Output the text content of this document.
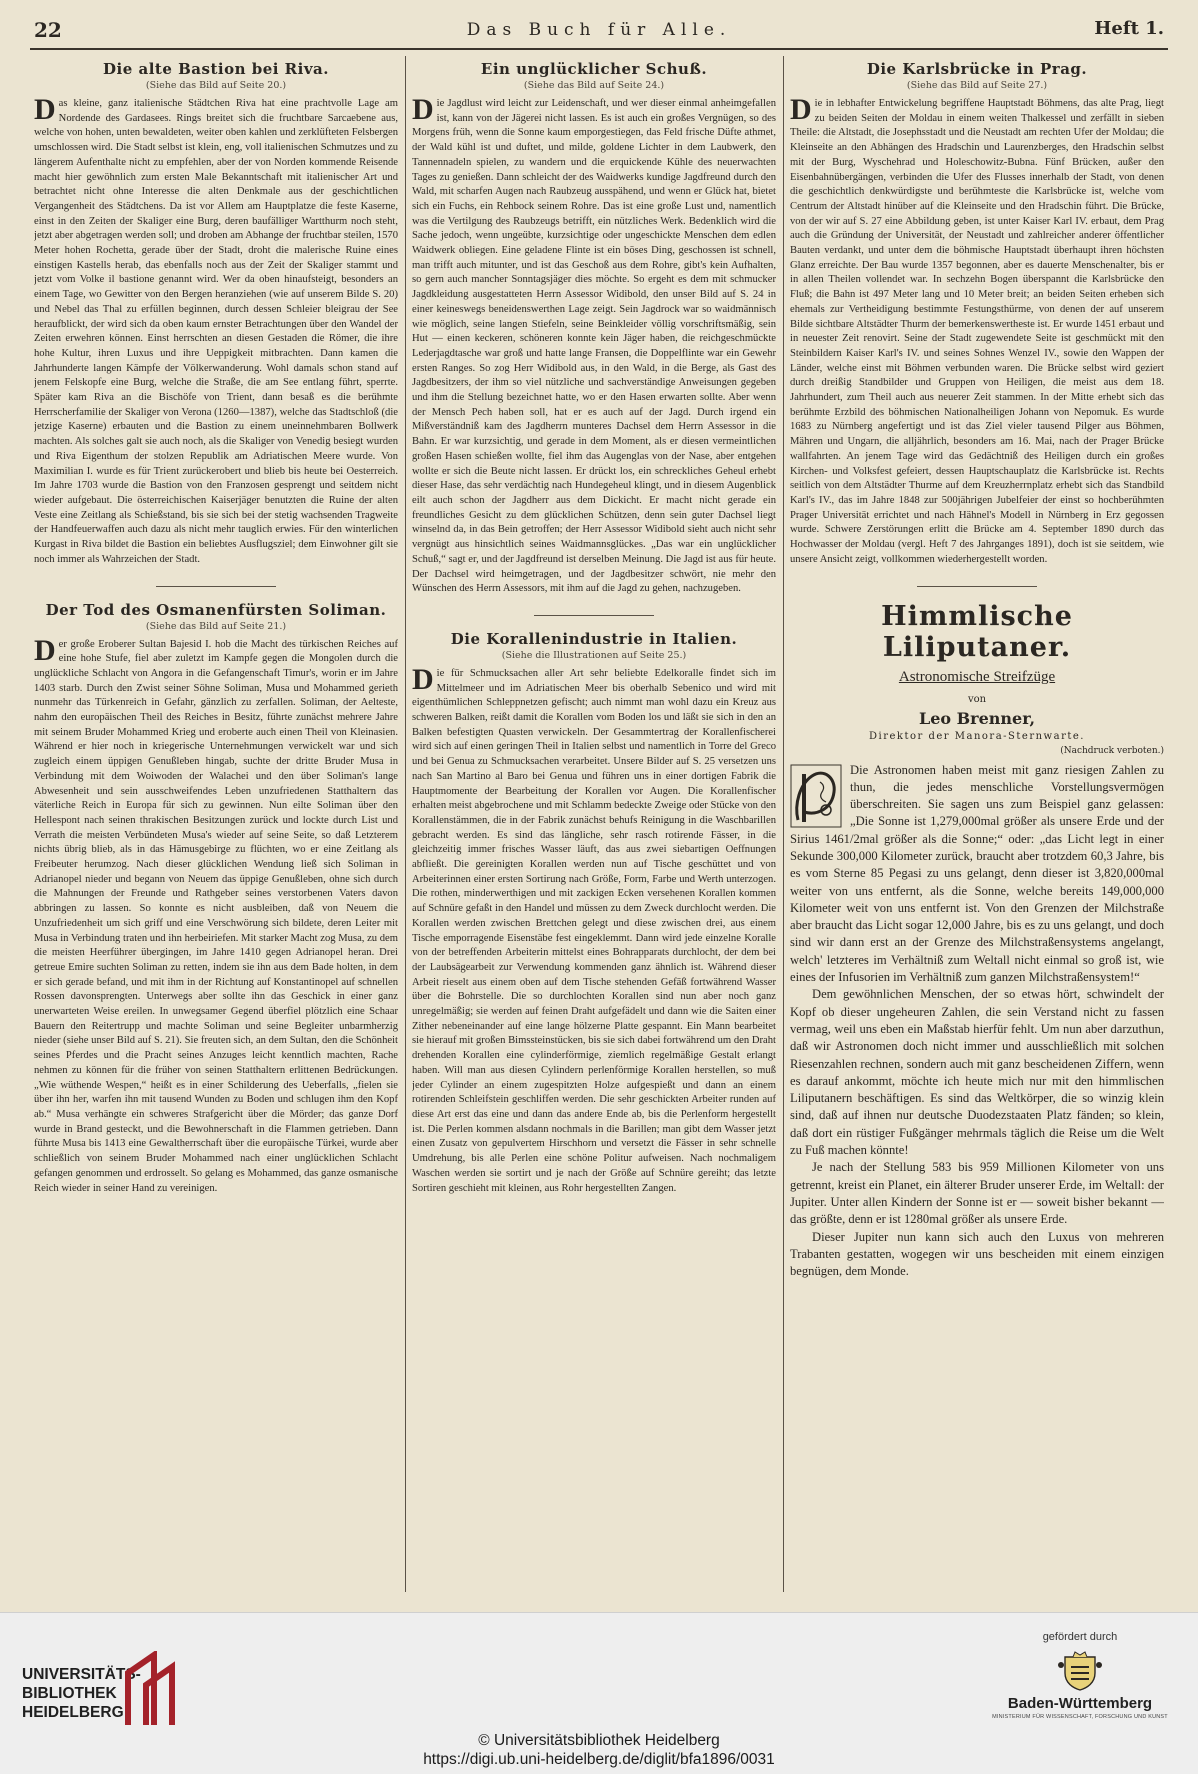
22	Das Buch für Alle.	Heft 1.
Die alte Bastion bei Riva.
(Siehe das Bild auf Seite 20.)
Das kleine, ganz italienische Städtchen Riva hat eine prachtvolle Lage am Nordende des Gardasees. Rings breitet sich die fruchtbare Sarcaebene aus, welche von hohen, unten bewaldeten, weiter oben kahlen und zerklüfteten Felsbergen umschlossen wird. Die Stadt selbst ist klein, eng, voll italienischen Schmutzes und zu längerem Aufenthalte nicht zu empfehlen, aber der von Norden kommende Reisende macht hier gewöhnlich zum ersten Male Bekanntschaft mit italienischer Art und betrachtet nicht ohne Interesse die alten Denkmale aus der geschichtlichen Vergangenheit des Städtchens. Da ist vor Allem am Hauptplatze die feste Kaserne, einst in den Zeiten der Skaliger eine Burg, deren baufälliger Wartthurm noch steht, jetzt aber abgetragen werden soll; und droben am Abhange der fruchtbar steilen, 1570 Meter hohen Rochetta, gerade über der Stadt, droht die malerische Ruine eines einstigen Kastells herab, das ebenfalls noch aus der Zeit der Skaliger stammt und jetzt vom Volke il bastione genannt wird. Wer da oben hinaufsteigt, besonders an einem Tage, wo Gewitter von den Bergen heranziehen (wie auf unserem Bilde S. 20) und Nebel das Thal zu erfüllen beginnen, durch dessen Schleier bleigrau der See heraufblickt, der wird sich da oben kaum ernster Betrachtungen über den Wandel der Zeiten erwehren können. Einst herrschten an diesen Gestaden die Römer, die ihre hohe Kultur, ihren Luxus und ihre Ueppigkeit mitbrachten. Dann kamen die Jahrhunderte langen Kämpfe der Völkerwanderung. Wohl damals schon stand auf jenem Felskopfe eine Burg, welche die Straße, die am See entlang führt, sperrte. Später kam Riva an die Bischöfe von Trient, dann besaß es die berühmte Herrscherfamilie der Skaliger von Verona (1260—1387), welche das Stadtschloß (die jetzige Kaserne) erbauten und die Bastion zu einem uneinnehmbaren Bollwerk machten. Als solches galt sie auch noch, als die Skaliger von Venedig besiegt wurden und Riva Eigenthum der stolzen Republik am Adriatischen Meere wurde. Von Maximilian I. wurde es für Trient zurückerobert und blieb bis heute bei Oesterreich. Im Jahre 1703 wurde die Bastion von den Franzosen gesprengt und seitdem nicht wieder aufgebaut. Die österreichischen Kaiserjäger benutzten die Ruine der alten Veste eine Zeitlang als Schießstand, bis sie sich bei der stetig wachsenden Tragweite der Handfeuerwaffen auch dazu als nicht mehr tauglich erwies. Für den winterlichen Kurgast in Riva bildet die Bastion ein beliebtes Ausflugsziel; dem Einwohner gilt sie noch immer als Wahrzeichen der Stadt.
Der Tod des Osmanenfürsten Soliman.
(Siehe das Bild auf Seite 21.)
Der große Eroberer Sultan Bajesid I. hob die Macht des türkischen Reiches auf eine hohe Stufe, fiel aber zuletzt im Kampfe gegen die Mongolen durch die unglückliche Schlacht von Angora in die Gefangenschaft Timur's, worin er im Jahre 1403 starb. Durch den Zwist seiner Söhne Soliman, Musa und Mohammed gerieth nunmehr das Türkenreich in Gefahr, gänzlich zu zerfallen. Soliman, der Aelteste, nahm den europäischen Theil des Reiches in Besitz, führte zunächst mehrere Jahre mit seinem Bruder Mohammed Krieg und eroberte auch einen Theil von Kleinasien. Während er hier noch in kriegerische Unternehmungen verwickelt war und sich zugleich einem üppigen Genußleben hingab, suchte der dritte Bruder Musa in Verbindung mit dem Woiwoden der Walachei und den über Soliman's lange Abwesenheit und sein ausschweifendes Leben unzufriedenen Statthaltern das väterliche Reich in Europa für sich zu gewinnen. Nun eilte Soliman über den Hellespont nach seinen thrakischen Besitzungen zurück und lockte durch List und Verrath die meisten Verbündeten Musa's wieder auf seine Seite, so daß Letzterem nichts übrig blieb, als in das Hämusgebirge zu flüchten, wo er eine Zeitlang als Freibeuter herumzog. Nach dieser glücklichen Wendung ließ sich Soliman in Adrianopel nieder und begann von Neuem das üppige Genußleben, ohne sich durch die Mahnungen der Freunde und Rathgeber seines verstorbenen Vaters davon abbringen zu lassen. So konnte es nicht ausbleiben, daß von Neuem die Unzufriedenheit um sich griff und eine Verschwörung sich bildete, deren Leiter mit Musa in Verbindung traten und ihn herbeiriefen. Mit starker Macht zog Musa, zu dem die meisten Heerführer übergingen, im Jahre 1410 gegen Adrianopel heran. Drei getreue Emire suchten Soliman zu retten, indem sie ihn aus dem Bade holten, in dem er sich gerade befand, und mit ihm in der Richtung auf Konstantinopel auf schnellen Rossen davonsprengten. Unterwegs aber sollte ihn das Geschick in einer ganz unerwarteten Weise ereilen. In unwegsamer Gegend überfiel plötzlich eine Schaar Bauern den Reitertrupp und machte Soliman und seine Begleiter unbarmherzig nieder (siehe unser Bild auf S. 21). Sie freuten sich, an dem Sultan, den die Schönheit seines Pferdes und die Pracht seines Anzuges leicht kenntlich machten, Rache nehmen zu können für die früher von seinen Statthaltern erlittenen Bedrückungen. „Wie wüthende Wespen,“ heißt es in einer Schilderung des Ueberfalls, „fielen sie über ihn her, warfen ihn mit tausend Wunden zu Boden und schlugen ihm den Kopf ab.“ Musa verhängte ein schweres Strafgericht über die Mörder; das ganze Dorf wurde in Brand gesteckt, und die Bewohnerschaft in die Flammen getrieben. Dann führte Musa bis 1413 eine Gewaltherrschaft über die europäische Türkei, wurde aber schließlich von seinem Bruder Mohammed nach einer unglücklichen Schlacht gefangen genommen und erdrosselt. So gelang es Mohammed, das ganze osmanische Reich wieder in seiner Hand zu vereinigen.
Ein unglücklicher Schuß.
(Siehe das Bild auf Seite 24.)
Die Jagdlust wird leicht zur Leidenschaft, und wer dieser einmal anheimgefallen ist, kann von der Jägerei nicht lassen. Es ist auch ein großes Vergnügen, so des Morgens früh, wenn die Sonne kaum emporgestiegen, das Feld frische Düfte athmet, der Wald kühl ist und duftet, und milde, goldene Lichter in dem Laubwerk, den Tannennadeln spielen, zu wandern und die erquickende Kühle des neuerwachten Tages zu genießen. Dann schleicht der des Waidwerks kundige Jagdfreund durch den Wald, mit scharfen Augen nach Raubzeug ausspähend, und wenn er Glück hat, bietet sich ein Fuchs, ein Rehbock seinem Rohre. Das ist eine große Lust und, namentlich was die Vertilgung des Raubzeugs betrifft, ein nützliches Werk. Bedenklich wird die Sache jedoch, wenn ungeübte, kurzsichtige oder ungeschickte Menschen dem edlen Waidwerk obliegen. Eine geladene Flinte ist ein böses Ding, geschossen ist schnell, man trifft auch mitunter, und ist das Geschoß aus dem Rohre, gibt's kein Aufhalten, so gern auch mancher Sonntagsjäger dies möchte. So ergeht es dem mit schmucker Jagdkleidung ausgestatteten Herrn Assessor Widibold, den unser Bild auf S. 24 in einer keineswegs beneidenswerthen Lage zeigt. Sein Jagdrock war so waidmännisch wie möglich, seine langen Stiefeln, seine Beinkleider völlig vorschriftsmäßig, sein Hut — einen keckeren, schöneren konnte kein Jäger haben, die reichgeschmückte Lederjagdtasche war groß und hatte lange Fransen, die Doppelflinte war ein Gewehr ersten Ranges. So zog Herr Widibold aus, in den Wald, in die Berge, als Gast des Jagdbesitzers, der ihm so viel nützliche und sachverständige Anweisungen gegeben und ihm die Stellung bezeichnet hatte, wo er den Hasen erwarten sollte. Aber wenn der Mensch Pech haben soll, hat er es auch auf der Jagd. Durch irgend ein Mißverständniß kam des Jagdherrn munteres Dachsel dem Herrn Assessor in die Bahn. Er war kurzsichtig, und gerade in dem Moment, als er diesen vermeintlichen großen Hasen schießen wollte, fiel ihm das Augenglas von der Nase, aber entgehen wollte er sich die Beute nicht lassen. Er drückt los, ein schreckliches Geheul erhebt dieser Hase, das sehr verdächtig nach Hundegeheul klingt, und in diesem Augenblick eilt auch schon der Jagdherr aus dem Dickicht. Er macht nicht gerade ein freundliches Gesicht zu dem glücklichen Schützen, denn sein guter Dachsel liegt winselnd da, in das Bein getroffen; der Herr Assessor Widibold sieht auch nicht sehr vergnügt aus hinsichtlich seines Waidmannsglückes. „Das war ein unglücklicher Schuß,“ sagt er, und der Jagdfreund ist derselben Meinung. Die Jagd ist aus für heute. Der Dachsel wird heimgetragen, und der Jagdbesitzer schwört, nie mehr den Wünschen des Herrn Assessors, mit ihm auf die Jagd zu gehen, nachzugeben.
Die Korallenindustrie in Italien.
(Siehe die Illustrationen auf Seite 25.)
Die für Schmucksachen aller Art sehr beliebte Edelkoralle findet sich im Mittelmeer und im Adriatischen Meer bis oberhalb Sebenico und wird mit eigenthümlichen Schleppnetzen gefischt; auch nimmt man wohl dazu ein Kreuz aus schweren Balken, reißt damit die Korallen vom Boden los und läßt sie sich in den an Balken befestigten Quasten verwickeln. Der Gesammtertrag der Korallenfischerei wird sich auf einen geringen Theil in Italien selbst und namentlich in Torre del Greco und bei Genua zu Schmucksachen verarbeitet. Unsere Bilder auf S. 25 versetzen uns nach San Martino al Baro bei Genua und führen uns in einer dortigen Fabrik die Hauptmomente der Bearbeitung der Korallen vor Augen. Die Korallenfischer erhalten meist abgebrochene und mit Schlamm bedeckte Zweige oder Stücke von den Korallenstämmen, die in der Fabrik zunächst behufs Reinigung in die Waschbarillen gebracht werden. Es sind das längliche, sehr rasch rotirende Fässer, in die gleichzeitig immer frisches Wasser läuft, das aus zwei siebartigen Oeffnungen abfließt. Die gereinigten Korallen werden nun auf Tische geschüttet und von Arbeiterinnen einer ersten Sortirung nach Größe, Form, Farbe und Werth unterzogen. Die rothen, minderwerthigen und mit zackigen Ecken versehenen Korallen kommen auf Schnüre gefaßt in den Handel und müssen zu dem Zweck durchlocht werden. Die Korallen werden zwischen Brettchen gelegt und diese zwischen drei, aus einem Tische emporragende Eisenstäbe fest eingeklemmt. Dann wird jede einzelne Koralle von der betreffenden Arbeiterin mittelst eines Bohrapparats durchlocht, der dem bei der Laubsägearbeit zur Verwendung kommenden ganz ähnlich ist. Während dieser Arbeit rieselt aus einem oben auf dem Tische stehenden Gefäß fortwährend Wasser über die Bohrstelle. Die so durchlochten Korallen sind nun aber noch ganz unregelmäßig; sie werden auf feinen Draht aufgefädelt und dann wie die Saiten einer Zither nebeneinander auf eine lange hölzerne Platte gespannt. Ein Mann bearbeitet sie hierauf mit großen Bimssteinstücken, bis sie sich dabei fortwährend um den Draht drehenden Korallen eine cylinderförmige, ziemlich regelmäßige Gestalt erlangt haben. Will man aus diesen Cylindern perlenförmige Korallen herstellen, so muß jeder Cylinder an einem zugespitzten Holze aufgespießt und dann an einem rotirenden Schleifstein geschliffen werden. Die sehr geschickten Arbeiter runden auf diese Art erst das eine und dann das andere Ende ab, bis die Perlenform hergestellt ist. Die Perlen kommen alsdann nochmals in die Barillen; man gibt dem Wasser jetzt einen Zusatz von gepulvertem Hirschhorn und versetzt die Fässer in sehr schnelle Umdrehung, bis alle Perlen eine schöne Politur aufweisen. Nach nochmaligem Waschen werden sie sortirt und je nach der Größe auf Schnüre gereiht; das letzte Sortiren geschieht mit kleinen, aus Rohr hergestellten Zangen.
Die Karlsbrücke in Prag.
(Siehe das Bild auf Seite 27.)
Die in lebhafter Entwickelung begriffene Hauptstadt Böhmens, das alte Prag, liegt zu beiden Seiten der Moldau in einem weiten Thalkessel und zerfällt in sieben Theile: die Altstadt, die Josephsstadt und die Neustadt am rechten Ufer der Moldau; die Kleinseite an den Abhängen des Hradschin und Laurenzberges, den Hradschin selbst mit der Burg, Wyschehrad und Holeschowitz-Bubna. Fünf Brücken, außer den Eisenbahnübergängen, verbinden die Ufer des Flusses innerhalb der Stadt, von denen die geschichtlich denkwürdigste und berühmteste die Karlsbrücke ist, welche vom Centrum der Altstadt hinüber auf die Kleinseite und den Hradschin führt. Die Brücke, von der wir auf S. 27 eine Abbildung geben, ist unter Kaiser Karl IV. erbaut, dem Prag auch die Gründung der Universität, der Neustadt und zahlreicher anderer öffentlicher Bauten verdankt, und unter dem die böhmische Hauptstadt überhaupt ihren höchsten Glanz erreichte. Der Bau wurde 1357 begonnen, aber es dauerte Menschenalter, bis er in allen Theilen vollendet war. In sechzehn Bogen überspannt die Karlsbrücke den Fluß; die Bahn ist 497 Meter lang und 10 Meter breit; an beiden Seiten erheben sich ehemals zur Vertheidigung bestimmte Festungsthürme, von denen der auf unserem Bilde sichtbare Altstädter Thurm der bemerkenswertheste ist. Er wurde 1451 erbaut und in neuester Zeit renovirt. Seine der Stadt zugewendete Seite ist geschmückt mit den Steinbildern Kaiser Karl's IV. und seines Sohnes Wenzel IV., sowie den Wappen der Länder, welche einst mit Böhmen verbunden waren. Die Brücke selbst wird geziert durch dreißig Standbilder und Gruppen von Heiligen, die meist aus dem 18. Jahrhundert, zum Theil auch aus neuerer Zeit stammen. In der Mitte erhebt sich das berühmte Erzbild des böhmischen Nationalheiligen Johann von Nepomuk. Es wurde 1683 zu Nürnberg angefertigt und ist das Ziel vieler tausend Pilger aus Böhmen, Mähren und Ungarn, die alljährlich, besonders am 16. Mai, nach der Prager Brücke wallfahrten. An jenem Tage wird das Gedächtniß des Heiligen durch ein großes Kirchen- und Volksfest gefeiert, dessen Hauptschauplatz die Karlsbrücke ist. Rechts seitlich von dem Altstädter Thurme auf dem Kreuzherrnplatz erhebt sich das Standbild Karl's IV., das im Jahre 1848 zur 500jährigen Jubelfeier der einst so hochberühmten Prager Universität errichtet und nach Hähnel's Modell in Nürnberg in Erz gegossen wurde. Schwere Zerstörungen erlitt die Brücke am 4. September 1890 durch das Hochwasser der Moldau (vergl. Heft 7 des Jahrganges 1891), doch ist sie seitdem, wie unsere Ansicht zeigt, vollkommen wiederhergestellt worden.
Himmlische Liliputaner.
Astronomische Streifzüge
von
Leo Brenner,
Direktor der Manora-Sternwarte.
(Nachdruck verboten.)

Die Astronomen haben meist mit ganz riesigen Zahlen zu thun, die jedes menschliche Vorstellungsvermögen überschreiten. Sie sagen uns zum Beispiel ganz gelassen: „Die Sonne ist 1,279,000mal größer als unsere Erde und der Sirius 1461/2mal größer als die Sonne;“ oder: „das Licht legt in einer Sekunde 300,000 Kilometer zurück, braucht aber trotzdem 60,3 Jahre, bis es vom Sterne 85 Pegasi zu uns gelangt, denn dieser ist 3,820,000mal weiter von uns entfernt, als die Sonne, welche bereits 149,000,000 Kilometer weit von uns entfernt ist. Von den Grenzen der Milchstraße aber braucht das Licht sogar 12,000 Jahre, bis es zu uns gelangt, und doch sind wir dann erst an der Grenze des Milchstraßensystems angelangt, welch' letzteres im Verhältniß zum Weltall nicht einmal so groß ist, wie eines der Infusorien im Verhältniß zum ganzen Milchstraßensystem!“

Dem gewöhnlichen Menschen, der so etwas hört, schwindelt der Kopf ob dieser ungeheuren Zahlen, die sein Verstand nicht zu fassen vermag, weil uns eben ein Maßstab hierfür fehlt. Um nun aber darzuthun, daß wir Astronomen doch nicht immer und ausschließlich mit solchen Riesenzahlen rechnen, sondern auch mit ganz bescheidenen Ziffern, wenn es darauf ankommt, möchte ich heute mich nur mit den himmlischen Liliputanern beschäftigen. Es sind das Weltkörper, die so winzig klein sind, daß auf ihnen nur deutsche Duodezstaaten Platz fänden; so klein, daß dort ein rüstiger Fußgänger mehrmals täglich die Reise um die Welt zu Fuß machen könnte!

Je nach der Stellung 583 bis 959 Millionen Kilometer von uns getrennt, kreist ein Planet, ein älterer Bruder unserer Erde, im Weltall: der Jupiter. Unter allen Kindern der Sonne ist er — soweit bisher bekannt — das größte, denn er ist 1280mal größer als unsere Erde.

Dieser Jupiter nun kann sich auch den Luxus von mehreren Trabanten gestatten, wogegen wir uns bescheiden mit einem einzigen begnügen, dem Monde.

UNIVERSITÄTS-
BIBLIOTHEK
HEIDELBERG
© Universitätsbibliothek Heidelberg
https://digi.ub.uni-heidelberg.de/diglit/bfa1896/0031
gefördert durch
Baden-Württemberg
MINISTERIUM FÜR WISSENSCHAFT, FORSCHUNG UND KUNST
